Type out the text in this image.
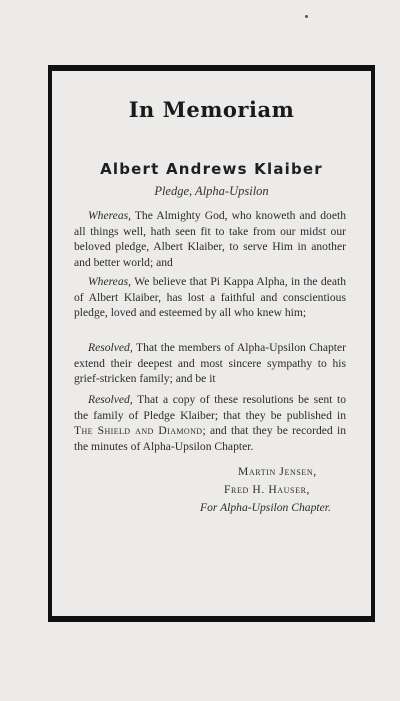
In Memoriam
Albert Andrews Klaiber
Pledge, Alpha-Upsilon

Whereas, The Almighty God, who knoweth and doeth all things well, hath seen fit to take from our midst our beloved pledge, Albert Klaiber, to serve Him in another and better world; and

Whereas, We believe that Pi Kappa Alpha, in the death of Albert Klaiber, has lost a faithful and conscientious pledge, loved and esteemed by all who knew him;

Resolved, That the members of Alpha-Upsilon Chapter extend their deepest and most sincere sympathy to his grief-stricken family; and be it

Resolved, That a copy of these resolutions be sent to the family of Pledge Klaiber; that they be published in The Shield and Diamond; and that they be recorded in the minutes of Alpha-Upsilon Chapter.

Martin Jensen,
Fred H. Hauser,
For Alpha-Upsilon Chapter.
